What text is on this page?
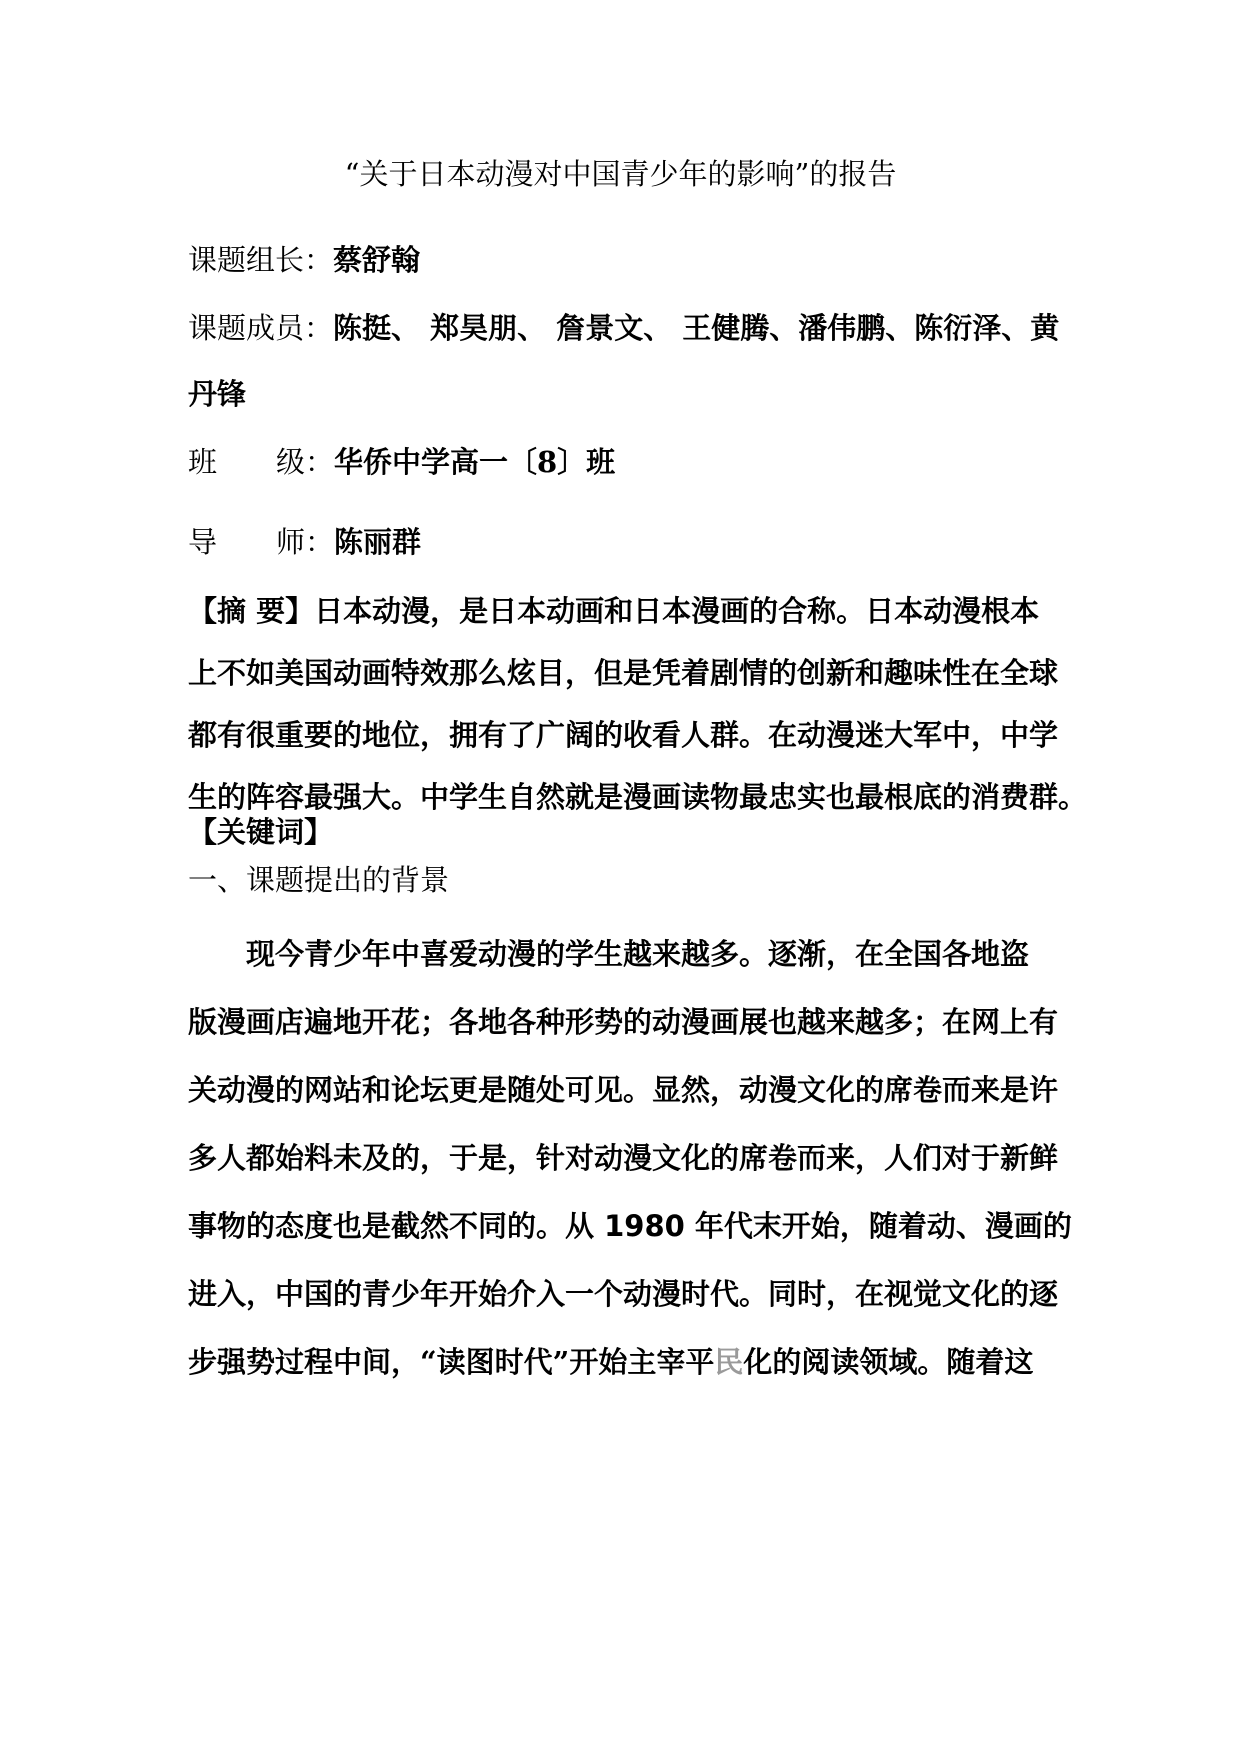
“关于日本动漫对中国青少年的影响”的报告
课题组长：蔡舒翰
课题成员：陈挺、 郑昊朋、 詹景文、 王健腾、潘伟鹏、陈衍泽、黄
丹锋
班 级： 华侨中学高一〔8〕班
导 师： 陈丽群
【摘 要】日本动漫，是日本动画和日本漫画的合称。日本动漫根本
上不如美国动画特效那么炫目，但是凭着剧情的创新和趣味性在全球
都有很重要的地位，拥有了广阔的收看人群。在动漫迷大军中，中学
生的阵容最强大。中学生自然就是漫画读物最忠实也最根底的消费群。
【关键词】
一、课题提出的背景
现今青少年中喜爱动漫的学生越来越多。逐渐，在全国各地盗
版漫画店遍地开花；各地各种形势的动漫画展也越来越多；在网上有
关动漫的网站和论坛更是随处可见。显然，动漫文化的席卷而来是许
多人都始料未及的，于是，针对动漫文化的席卷而来，人们对于新鲜
事物的态度也是截然不同的。从 1980 年代末开始，随着动、漫画的
进入，中国的青少年开始介入一个动漫时代。同时，在视觉文化的逐
步强势过程中间，“读图时代”开始主宰平民化的阅读领域。随着这
